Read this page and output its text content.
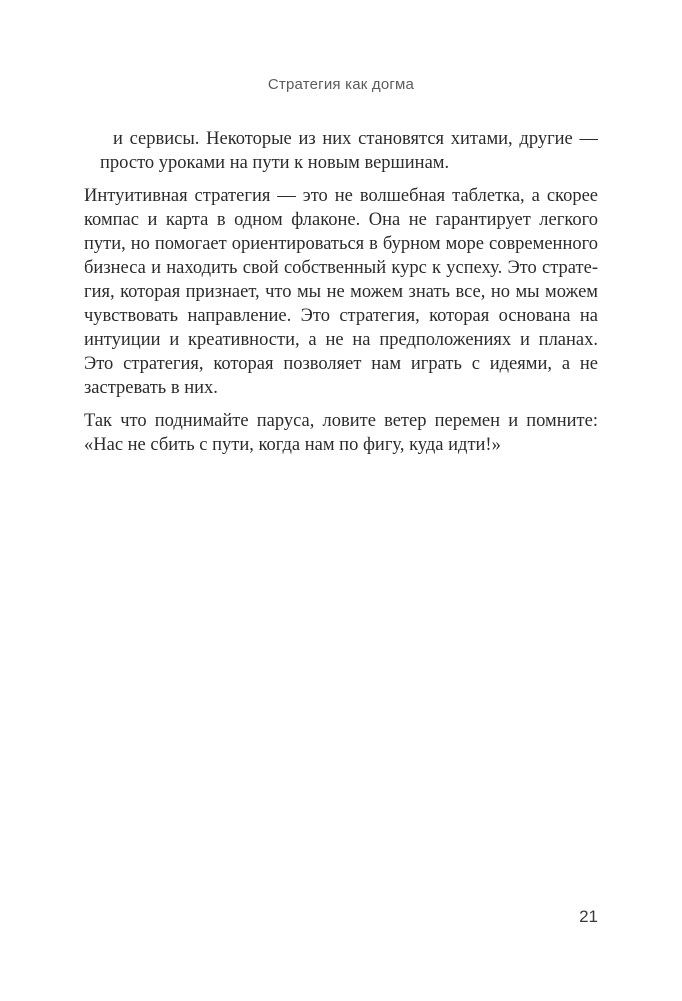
Стратегия как догма
и сервисы. Некоторые из них становятся хитами, другие —
просто уроками на пути к новым вершинам.
Интуитивная стратегия — это не волшебная таблетка, а скорее
компас и карта в одном флаконе. Она не гарантирует легкого
пути, но помогает ориентироваться в бурном море современного
бизнеса и находить свой собственный курс к успеху. Это страте-
гия, которая признает, что мы не можем знать все, но мы можем
чувствовать направление. Это стратегия, которая основана на
интуиции и креативности, а не на предположениях и планах.
Это стратегия, которая позволяет нам играть с идеями, а не
застревать в них.
Так что поднимайте паруса, ловите ветер перемен и помните:
«Нас не сбить с пути, когда нам по фигу, куда идти!»
21
